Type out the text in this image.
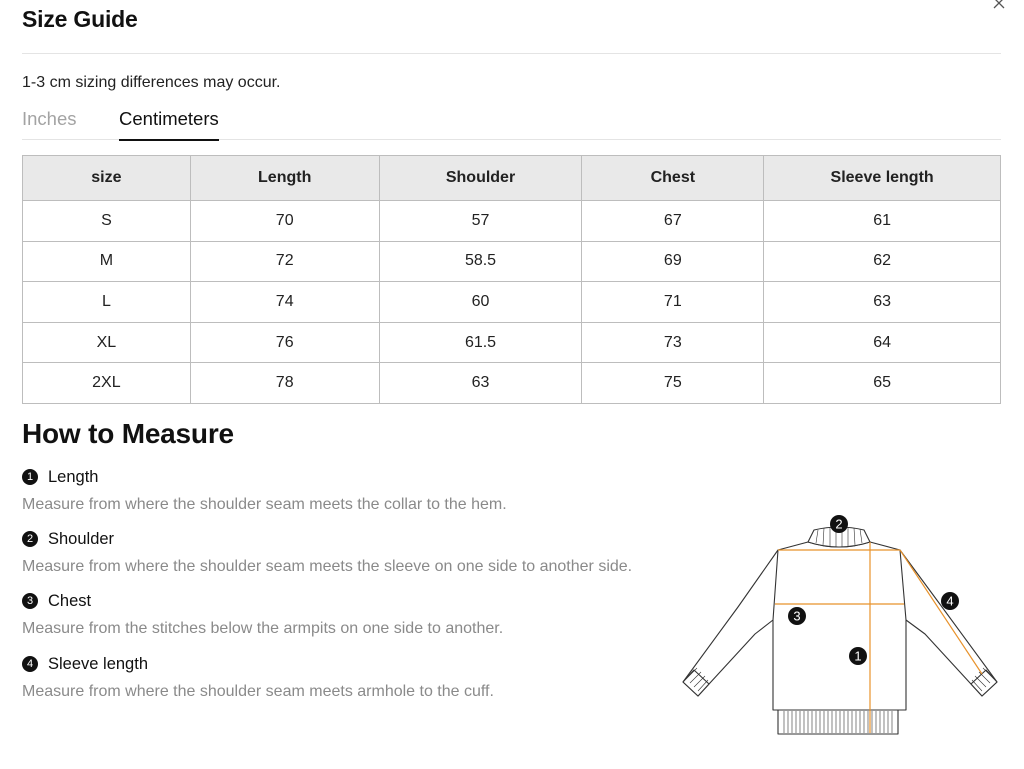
Size Guide
1-3 cm sizing differences may occur.
Inches Centimeters
size	Length	Shoulder	Chest	Sleeve length
S	70	57	67	61
M	72	58.5	69	62
L	74	60	71	63
XL	76	61.5	73	64
2XL	78	63	75	65
How to Measure
1 Length
Measure from where the shoulder seam meets the collar to the hem.
2 Shoulder
Measure from where the shoulder seam meets the sleeve on one side to another side.
3 Chest
Measure from the stitches below the armpits on one side to another.
4 Sleeve length
Measure from where the shoulder seam meets armhole to the cuff.
2
3
1
4
